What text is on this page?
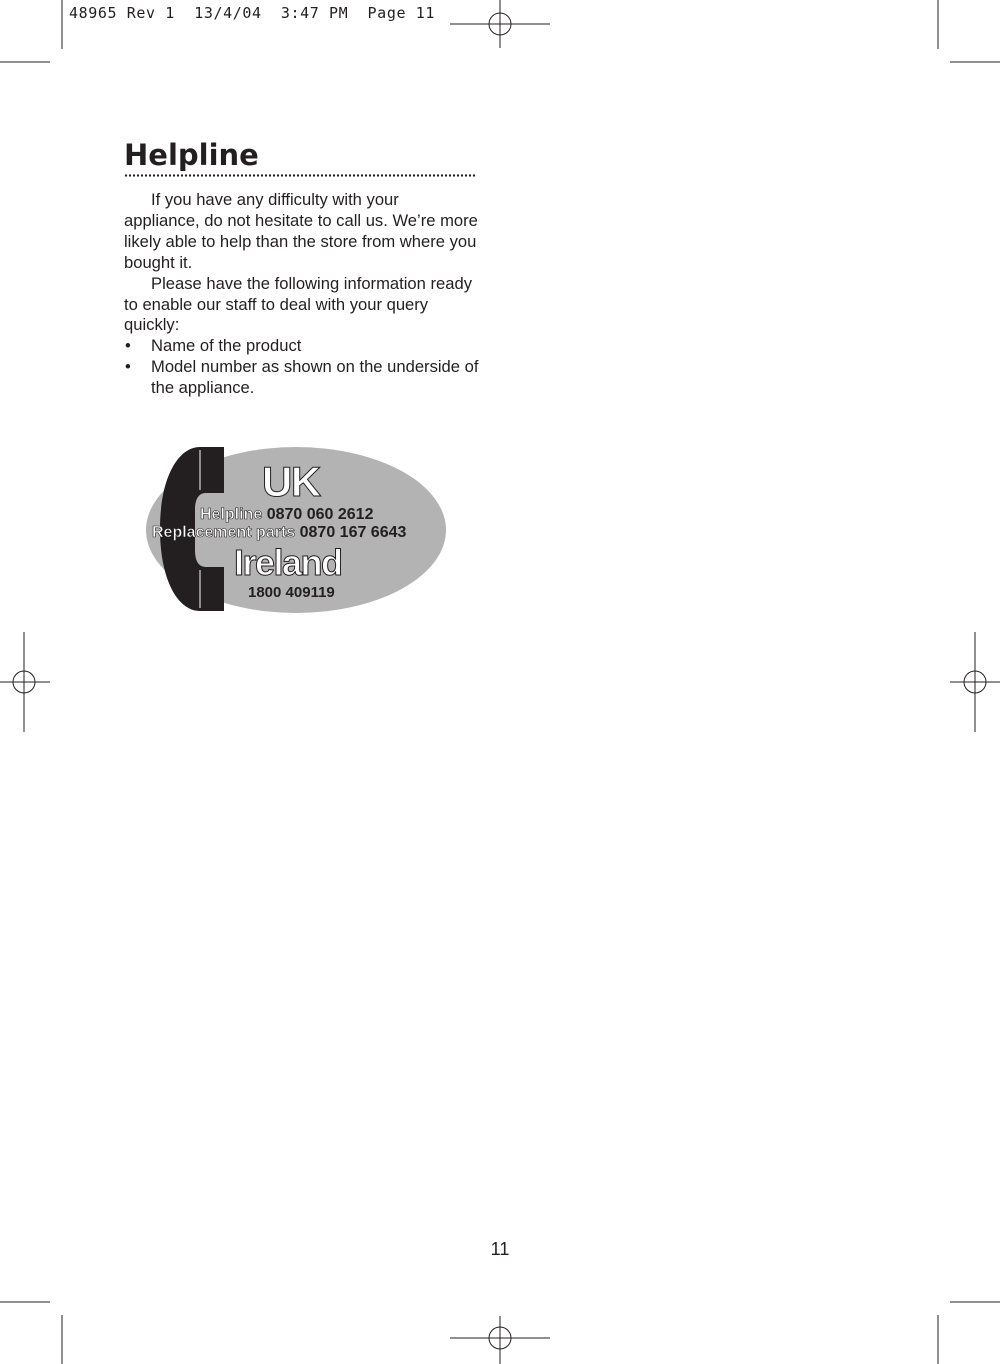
48965 Rev 1  13/4/04  3:47 PM  Page 11
Helpline

If you have any difficulty with your appliance, do not hesitate to call us. We’re more likely able to help than the store from where you bought it.

Please have the following information ready to enable our staff to deal with your query quickly:

• Name of the product
• Model number as shown on the underside of the appliance.
UK
Helpline 0870 060 2612
Replacement parts 0870 167 6643
Ireland
1800 409119
11
